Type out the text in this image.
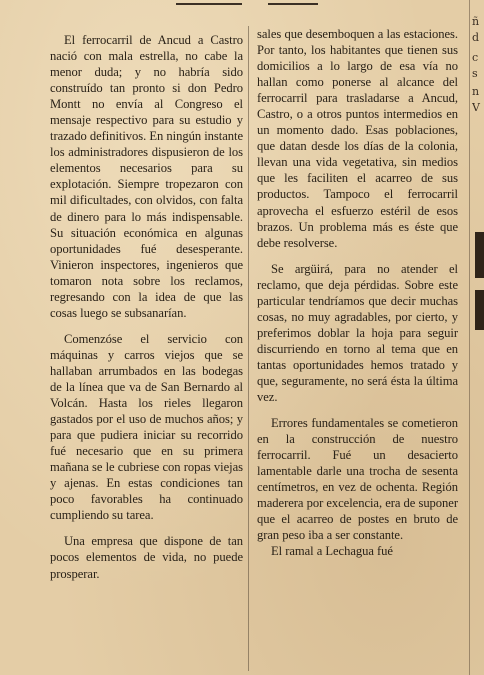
El ferrocarril de Ancud a Castro nació con mala estrella, no cabe la menor duda; y no habría sido construído tan pronto si don Pedro Montt no envía al Congreso el mensaje respectivo para su estudio y trazado definitivos. En ningún instante los administradores dispusieron de los elementos necesarios para su explotación. Siempre tropezaron con mil dificultades, con olvidos, con falta de dinero para lo más indispensable. Su situación económica en algunas oportunidades fué desesperante. Vinieron inspectores, ingenieros que tomaron nota sobre los reclamos, regresando con la idea de que las cosas luego se subsanarían.

Comenzóse el servicio con máquinas y carros viejos que se hallaban arrumbados en las bodegas de la línea que va de San Bernardo al Volcán. Hasta los rieles llegaron gastados por el uso de muchos años; y para que pudiera iniciar su recorrido fué necesario que en su primera mañana se le cubriese con ropas viejas y ajenas. En estas condiciones tan poco favorables ha continuado cumpliendo su tarea.

Una empresa que dispone de tan pocos elementos de vida, no puede prosperar.

sales que desemboquen a las estaciones. Por tanto, los habitantes que tienen sus domicilios a lo largo de esa vía no hallan como ponerse al alcance del ferrocarril para trasladarse a Ancud, Castro, o a otros puntos intermedios en un momento dado. Esas poblaciones, que datan desde los días de la colonia, llevan una vida vegetativa, sin medios que les faciliten el acarreo de sus productos. Tampoco el ferrocarril aprovecha el esfuerzo estéril de esos brazos. Un problema más es éste que debe resolverse.

Se argüirá, para no atender el reclamo, que deja pérdidas. Sobre este particular tendríamos que decir muchas cosas, no muy agradables, por cierto, y preferimos doblar la hoja para seguir discurriendo en torno al tema que en tantas oportunidades hemos tratado y que, seguramente, no será ésta la última vez.

Errores fundamentales se cometieron en la construcción de nuestro ferrocarril. Fué un desacierto lamentable darle una trocha de sesenta centímetros, en vez de ochenta. Región maderera por excelencia, era de suponer que el acarreo de postes en bruto de gran peso iba a ser constante.

El ramal a Lechagua fué

ñ
d
c
s
n
V
